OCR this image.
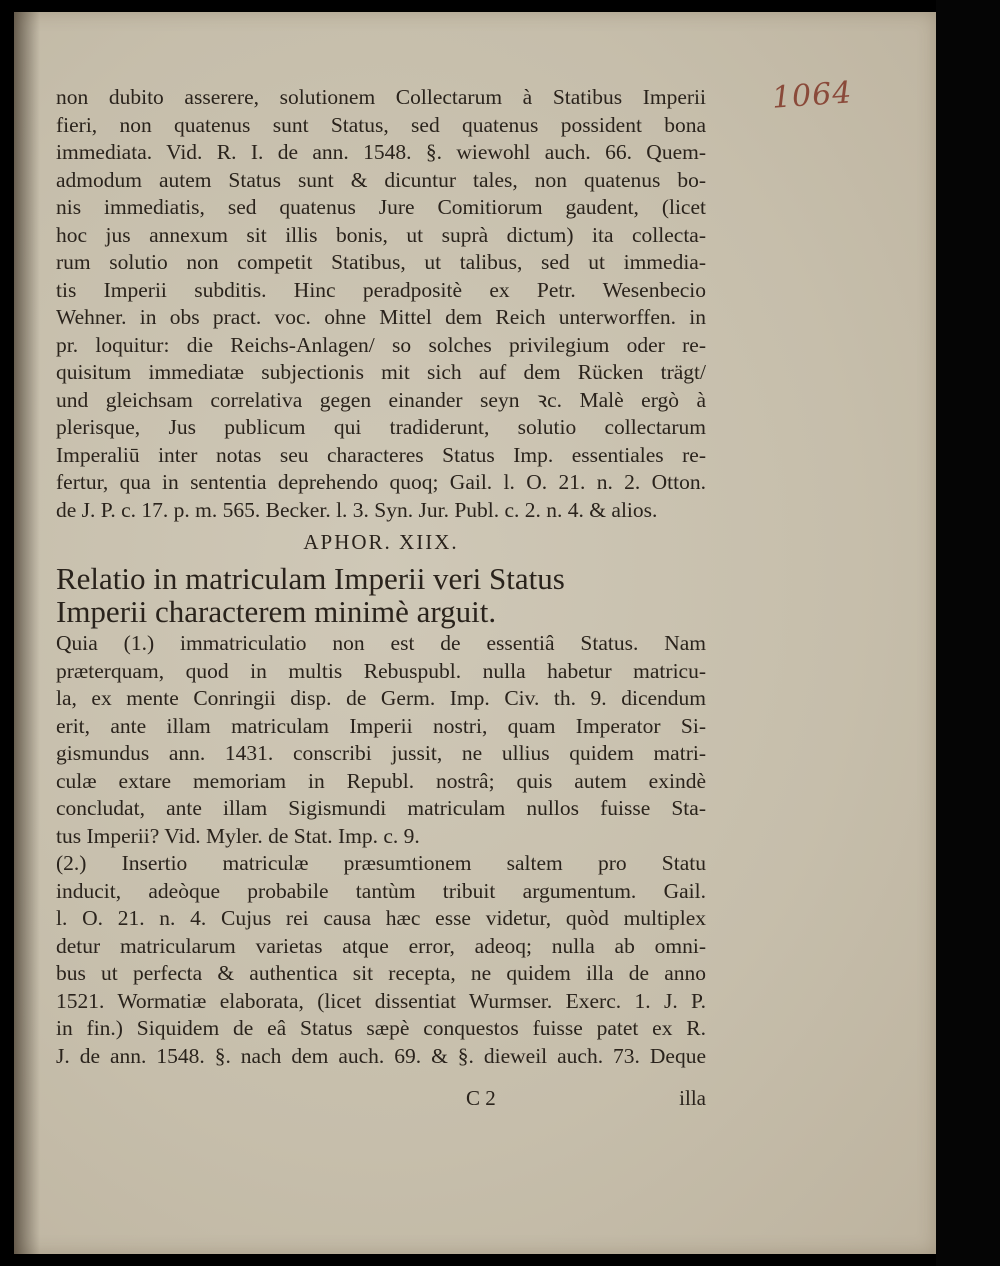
1064
non dubito asserere, solutionem Collectarum à Statibus Imperii
fieri, non quatenus sunt Status, sed quatenus possident bona
immediata. Vid. R. I. de ann. 1548. §. wiewohl auch. 66. Quem-
admodum autem Status sunt & dicuntur tales, non quatenus bo-
nis immediatis, sed quatenus Jure Comitiorum gaudent, (licet
hoc jus annexum sit illis bonis, ut suprà dictum) ita collecta-
rum solutio non competit Statibus, ut talibus, sed ut immedia-
tis Imperii subditis. Hinc peradpositè ex Petr. Wesenbecio
Wehner. in obs pract. voc. ohne Mittel dem Reich unterworffen. in
pr. loquitur: die Reichs-Anlagen/ so solches privilegium oder re-
quisitum immediatæ subjectionis mit sich auf dem Rücken trägt/
und gleichsam correlativa gegen einander seyn ꝛc. Malè ergò à
plerisque, Jus publicum qui tradiderunt, solutio collectarum
Imperaliū inter notas seu characteres Status Imp. essentiales re-
fertur, qua in sententia deprehendo quoq; Gail. l. O. 21. n. 2. Otton.
de J. P. c. 17. p. m. 565. Becker. l. 3. Syn. Jur. Publ. c. 2. n. 4. & alios.
APHOR. XIIX.
Relatio in matriculam Imperii veri Status
Imperii characterem minimè arguit.
Quia (1.) immatriculatio non est de essentiâ Status. Nam
præterquam, quod in multis Rebuspubl. nulla habetur matricu-
la, ex mente Conringii disp. de Germ. Imp. Civ. th. 9. dicendum
erit, ante illam matriculam Imperii nostri, quam Imperator Si-
gismundus ann. 1431. conscribi jussit, ne ullius quidem matri-
culæ extare memoriam in Republ. nostrâ; quis autem exindè
concludat, ante illam Sigismundi matriculam nullos fuisse Sta-
tus Imperii? Vid. Myler. de Stat. Imp. c. 9.
(2.) Insertio matriculæ præsumtionem saltem pro Statu
inducit, adeòque probabile tantùm tribuit argumentum. Gail.
l. O. 21. n. 4. Cujus rei causa hæc esse videtur, quòd multiplex
detur matricularum varietas atque error, adeoq; nulla ab omni-
bus ut perfecta & authentica sit recepta, ne quidem illa de anno
1521. Wormatiæ elaborata, (licet dissentiat Wurmser. Exerc. 1. J. P.
in fin.) Siquidem de eâ Status sæpè conquestos fuisse patet ex R.
J. de ann. 1548. §. nach dem auch. 69. & §. dieweil auch. 73. Deque
C 2	illa
